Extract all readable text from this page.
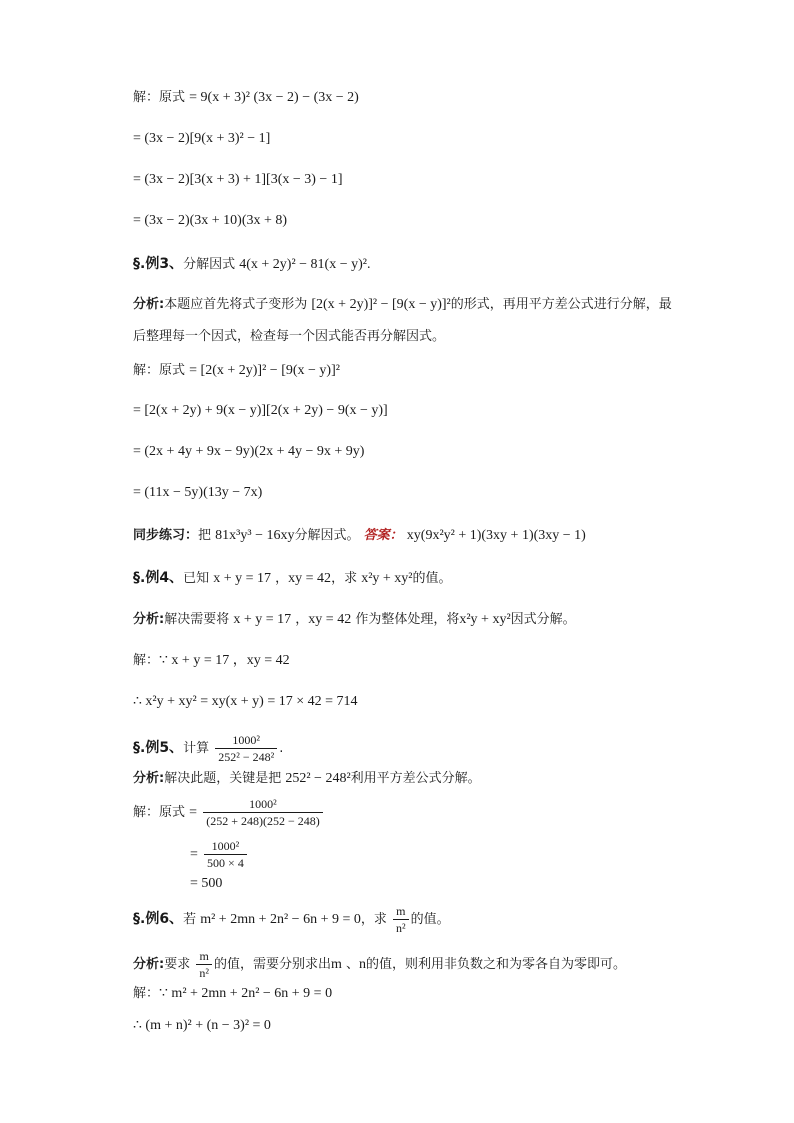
解：原式 = 9(x + 3)² (3x − 2) − (3x − 2)
= (3x − 2)[9(x + 3)² − 1]
= (3x − 2)[3(x + 3) + 1][3(x − 3) − 1]
= (3x − 2)(3x + 10)(3x + 8)
§.例3、分解因式 4(x + 2y)² − 81(x − y)².
分析:本题应首先将式子变形为 [2(x + 2y)]² − [9(x − y)]²的形式，再用平方差公式进行分解，最
后整理每一个因式，检查每一个因式能否再分解因式。
解：原式 = [2(x + 2y)]² − [9(x − y)]²
= [2(x + 2y) + 9(x − y)][2(x + 2y) − 9(x − y)]
= (2x + 4y + 9x − 9y)(2x + 4y − 9x + 9y)
= (11x − 5y)(13y − 7x)
同步练习：把 81x³y³ − 16xy分解因式。 答案： xy(9x²y² + 1)(3xy + 1)(3xy − 1)
§.例4、已知 x + y = 17 ，xy = 42，求 x²y + xy²的值。
分析:解决需要将 x + y = 17 ，xy = 42 作为整体处理，将x²y + xy²因式分解。
解：∵ x + y = 17 ，xy = 42
∴ x²y + xy² = xy(x + y) = 17 × 42 = 714
§.例5、计算 $\frac{\text{1000²}}{\text{252² − 248²}}$ .
分析:解决此题，关键是把 252² − 248²利用平方差公式分解。
解：原式 = $\frac{\text{1000²}}{(252 + 248)(252 - 248)}$
= $\frac{\text{1000²}}{500 \times 4}$
= 500
§.例6、若 m² + 2mn + 2n² − 6n + 9 = 0，求 $\frac{m}{\text{n²}}$ 的值。
分析:要求 $\frac{m}{\text{n²}}$ 的值，需要分别求出m 、n的值，则利用非负数之和为零各自为零即可。
解：∵ m² + 2mn + 2n² − 6n + 9 = 0
∴ (m + n)² + (n − 3)² = 0
